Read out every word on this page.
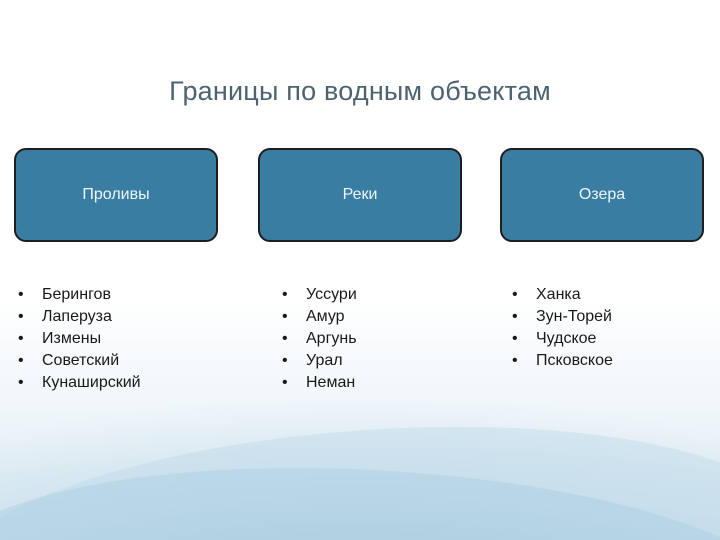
Границы по водным объектам
Проливы	Реки	Озера
• Берингов
• Лаперуза
• Измены
• Советский
• Кунаширский
• Уссури
• Амур
• Аргунь
• Урал
• Неман
• Ханка
• Зун-Торей
• Чудское
• Псковское
